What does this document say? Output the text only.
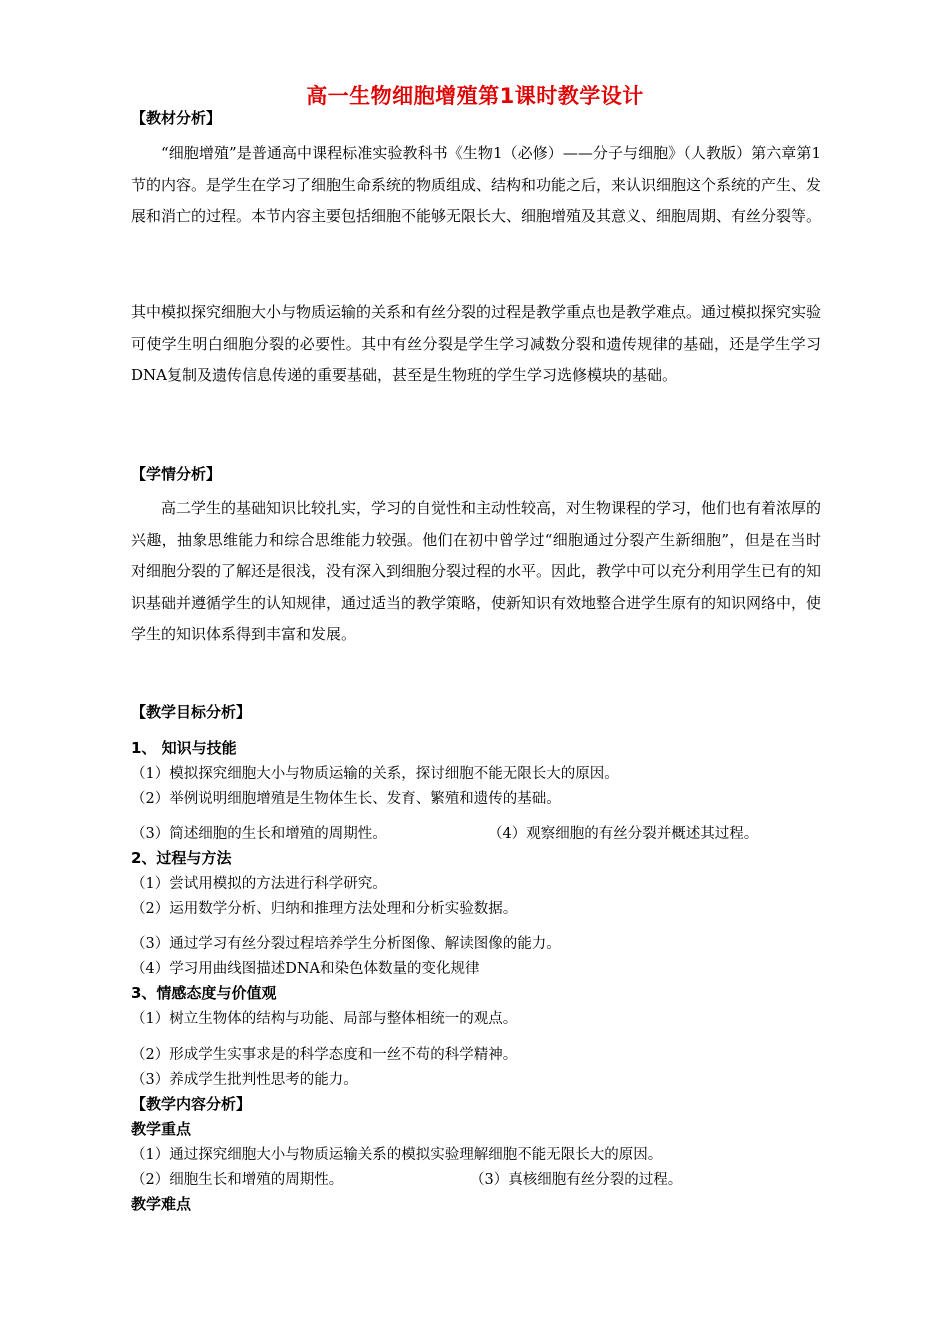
高一生物细胞增殖第1课时教学设计
【教材分析】
“细胞增殖”是普通高中课程标准实验教科书《生物1（必修）——分子与细胞》（人教版）第六章第1节的内容。是学生在学习了细胞生命系统的物质组成、结构和功能之后，来认识细胞这个系统的产生、发展和消亡的过程。本节内容主要包括细胞不能够无限长大、细胞增殖及其意义、细胞周期、有丝分裂等。
其中模拟探究细胞大小与物质运输的关系和有丝分裂的过程是教学重点也是教学难点。通过模拟探究实验可使学生明白细胞分裂的必要性。其中有丝分裂是学生学习减数分裂和遗传规律的基础，还是学生学习DNA复制及遗传信息传递的重要基础，甚至是生物班的学生学习选修模块的基础。
【学情分析】
高二学生的基础知识比较扎实，学习的自觉性和主动性较高，对生物课程的学习，他们也有着浓厚的兴趣，抽象思维能力和综合思维能力较强。他们在初中曾学过“细胞通过分裂产生新细胞”，但是在当时对细胞分裂的了解还是很浅，没有深入到细胞分裂过程的水平。因此，教学中可以充分利用学生已有的知识基础并遵循学生的认知规律，通过适当的教学策略，使新知识有效地整合进学生原有的知识网络中，使学生的知识体系得到丰富和发展。
【教学目标分析】
1、 知识与技能
（1）模拟探究细胞大小与物质运输的关系，探讨细胞不能无限长大的原因。
（2）举例说明细胞增殖是生物体生长、发育、繁殖和遗传的基础。
（3）简述细胞的生长和增殖的周期性。	（4）观察细胞的有丝分裂并概述其过程。
2、过程与方法
（1）尝试用模拟的方法进行科学研究。
（2）运用数学分析、归纳和推理方法处理和分析实验数据。
（3）通过学习有丝分裂过程培养学生分析图像、解读图像的能力。
（4）学习用曲线图描述DNA和染色体数量的变化规律
3、情感态度与价值观
（1）树立生物体的结构与功能、局部与整体相统一的观点。
（2）形成学生实事求是的科学态度和一丝不苟的科学精神。
（3）养成学生批判性思考的能力。
【教学内容分析】
教学重点
（1）通过探究细胞大小与物质运输关系的模拟实验理解细胞不能无限长大的原因。
（2）细胞生长和增殖的周期性。	（3）真核细胞有丝分裂的过程。
教学难点
